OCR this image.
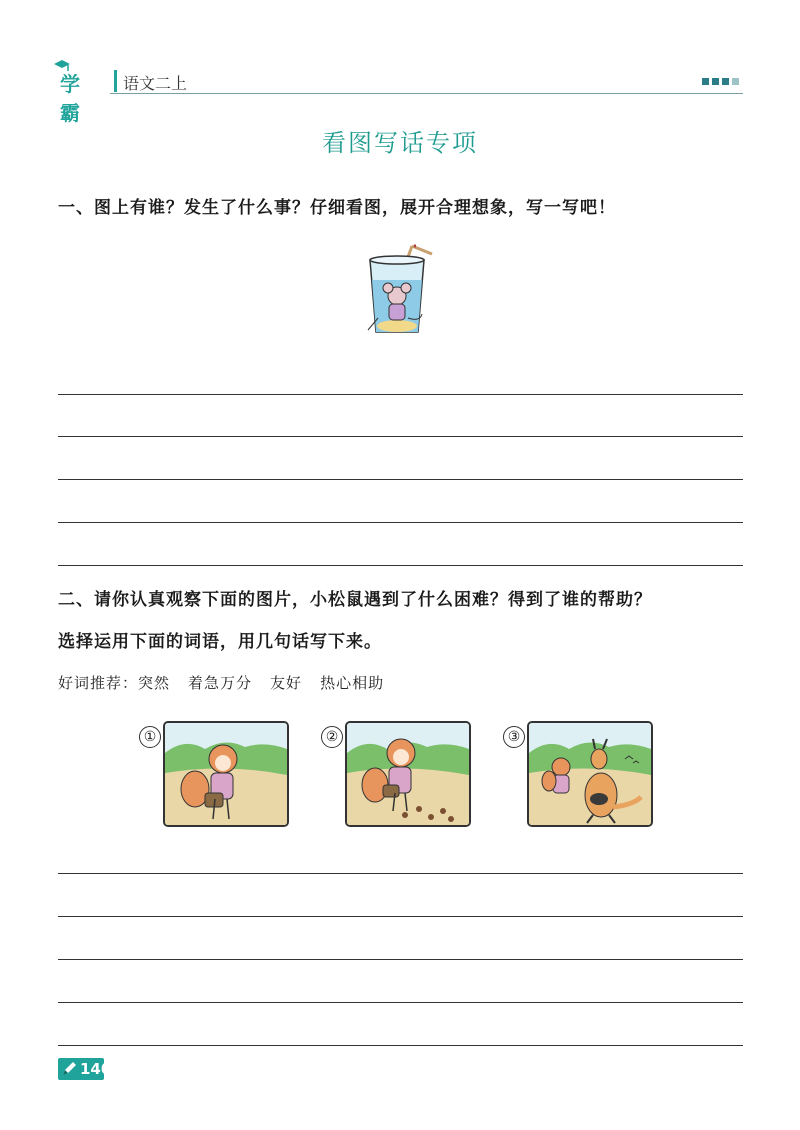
学霸
语文二上
看图写话专项
一、图上有谁？发生了什么事？仔细看图，展开合理想象，写一写吧！
二、请你认真观察下面的图片，小松鼠遇到了什么困难？得到了谁的帮助？
选择运用下面的词语，用几句话写下来。
好词推荐：突然 着急万分 友好 热心相助
①	②	③
140
